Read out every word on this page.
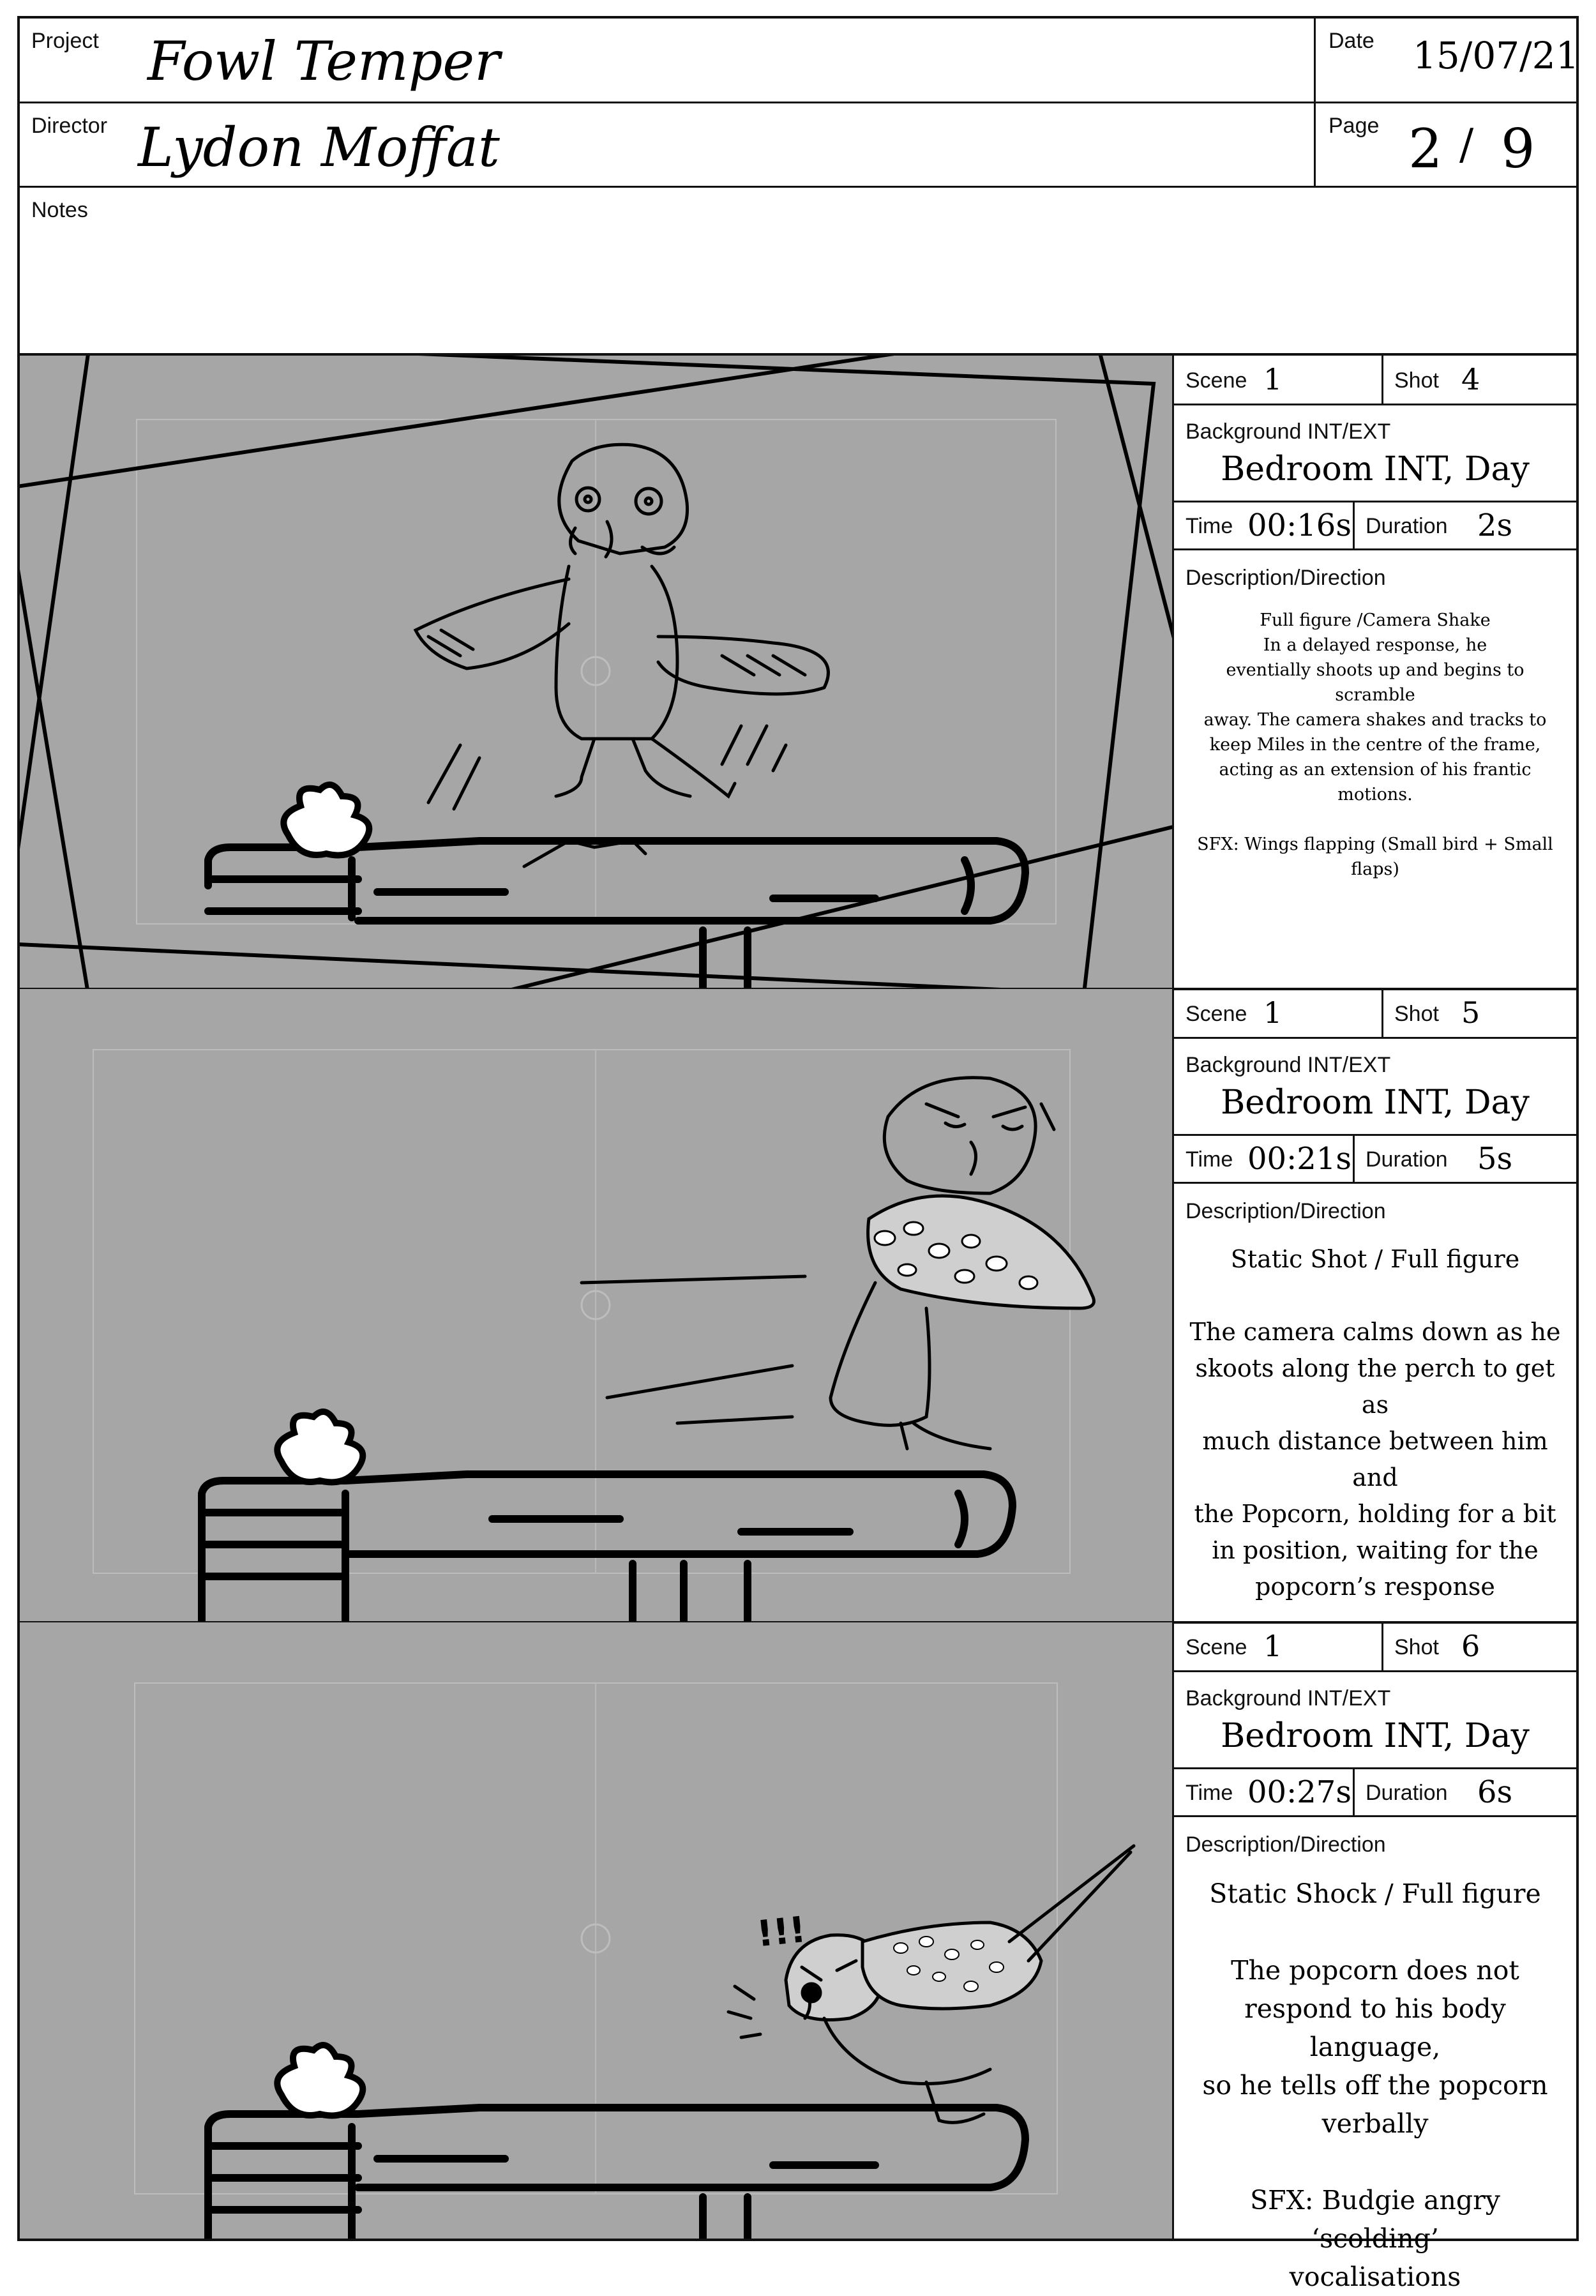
Project Fowl Temper	Date 15/07/21
Director Lydon Moffat	Page 2 / 9
Notes
Scene 1	Shot 4
Background INT/EXT
Bedroom INT, Day
Time 00:16s Duration 2s
Description/Direction
Full figure /Camera Shake
In a delayed response, he
eventially shoots up and begins to scramble
away. The camera shakes and tracks to
keep Miles in the centre of the frame,
acting as an extension of his frantic
motions.

SFX: Wings flapping (Small bird + Small
flaps)
Scene 1	Shot 5
Background INT/EXT
Bedroom INT, Day
Time 00:21s Duration 5s
Description/Direction
Static Shot / Full figure

The camera calms down as he
skoots along the perch to get as
much distance between him and
the Popcorn, holding for a bit
in position, waiting for the
popcorn’s response
!!!
Scene 1	Shot 6
Background INT/EXT
Bedroom INT, Day
Time 00:27s Duration 6s
Description/Direction
Static Shock / Full figure

The popcorn does not
respond to his body language,
so he tells off the popcorn
verbally

SFX: Budgie angry ‘scolding’
vocalisations
